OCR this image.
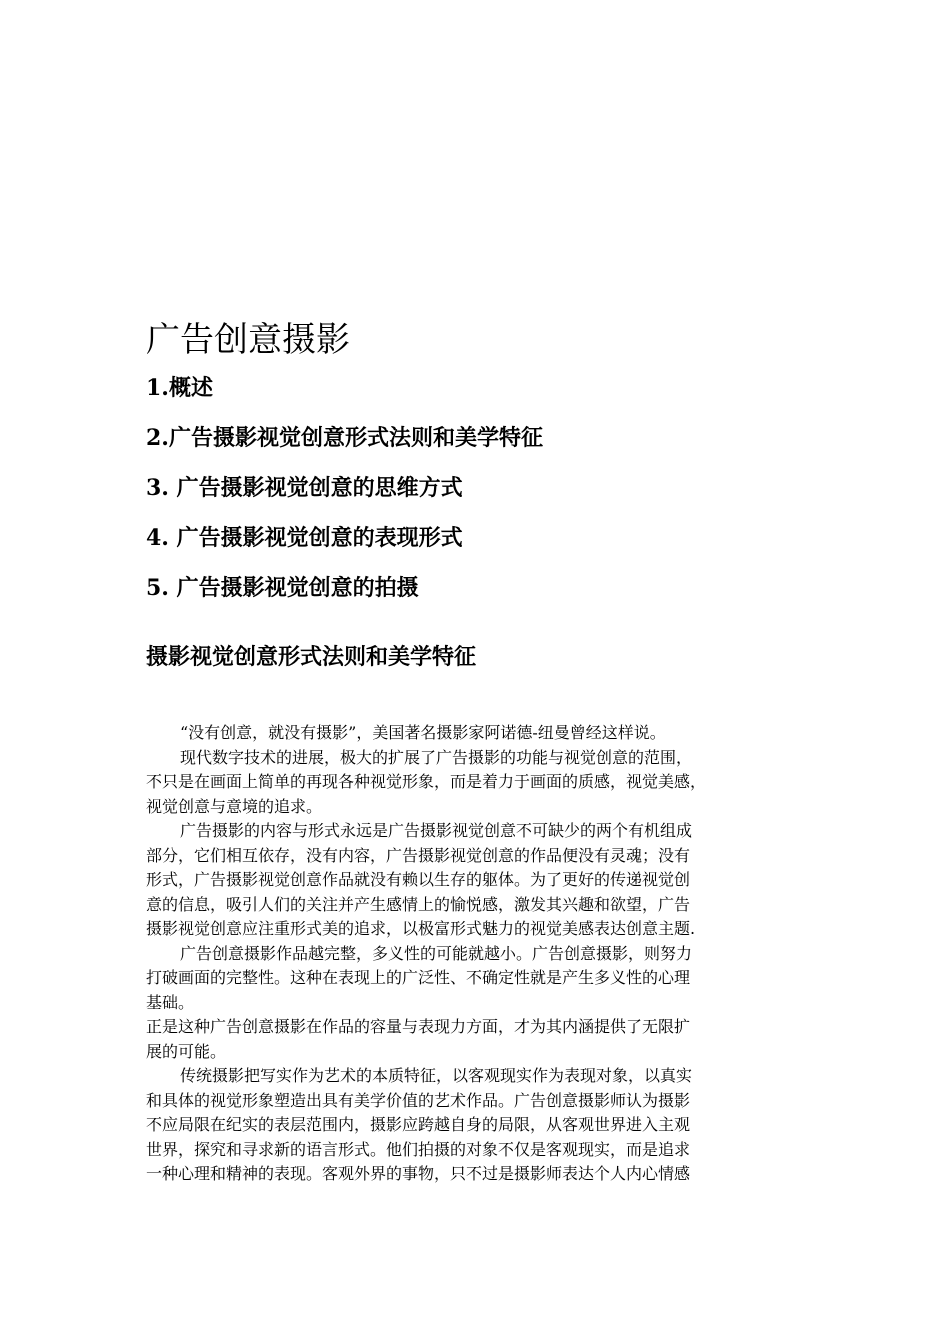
广告创意摄影
1.概述
2.广告摄影视觉创意形式法则和美学特征
3. 广告摄影视觉创意的思维方式
4. 广告摄影视觉创意的表现形式
5. 广告摄影视觉创意的拍摄
摄影视觉创意形式法则和美学特征

“没有创意，就没有摄影”，美国著名摄影家阿诺德-纽曼曾经这样说。

现代数字技术的进展，极大的扩展了广告摄影的功能与视觉创意的范围，

不只是在画面上简单的再现各种视觉形象，而是着力于画面的质感，视觉美感，

视觉创意与意境的追求。

广告摄影的内容与形式永远是广告摄影视觉创意不可缺少的两个有机组成

部分，它们相互依存，没有内容，广告摄影视觉创意的作品便没有灵魂；没有

形式，广告摄影视觉创意作品就没有赖以生存的躯体。为了更好的传递视觉创

意的信息，吸引人们的关注并产生感情上的愉悦感，激发其兴趣和欲望，广告

摄影视觉创意应注重形式美的追求，以极富形式魅力的视觉美感表达创意主题.

广告创意摄影作品越完整，多义性的可能就越小。广告创意摄影，则努力

打破画面的完整性。这种在表现上的广泛性、不确定性就是产生多义性的心理

基础。

正是这种广告创意摄影在作品的容量与表现力方面，才为其内涵提供了无限扩

展的可能。

传统摄影把写实作为艺术的本质特征，以客观现实作为表现对象，以真实

和具体的视觉形象塑造出具有美学价值的艺术作品。广告创意摄影师认为摄影

不应局限在纪实的表层范围内，摄影应跨越自身的局限，从客观世界进入主观

世界，探究和寻求新的语言形式。他们拍摄的对象不仅是客观现实，而是追求

一种心理和精神的表现。客观外界的事物，只不过是摄影师表达个人内心情感
